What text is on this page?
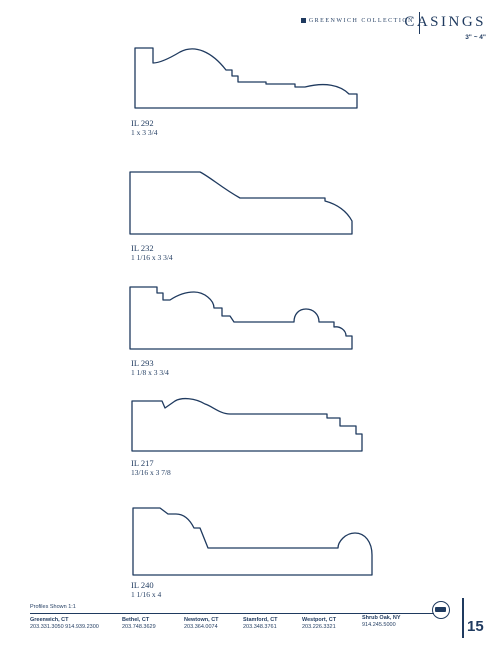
GREENWICH COLLECTION
CASINGS
3" ~ 4"
IL 292
1 x 3 3/4
IL 232
1 1/16 x 3 3/4
IL 293
1 1/8 x 3 3/4
IL 217
13/16 x 3 7/8
IL 240
1 1/16 x 4
Profiles Shown 1:1
Greenwich, CT
203.331.3050 914.939.2300
Bethel, CT
203.748.3629
Newtown, CT
203.364.0074
Stamford, CT
203.348.3761
Westport, CT
203.226.3321
Shrub Oak, NY
914.245.5000	15
